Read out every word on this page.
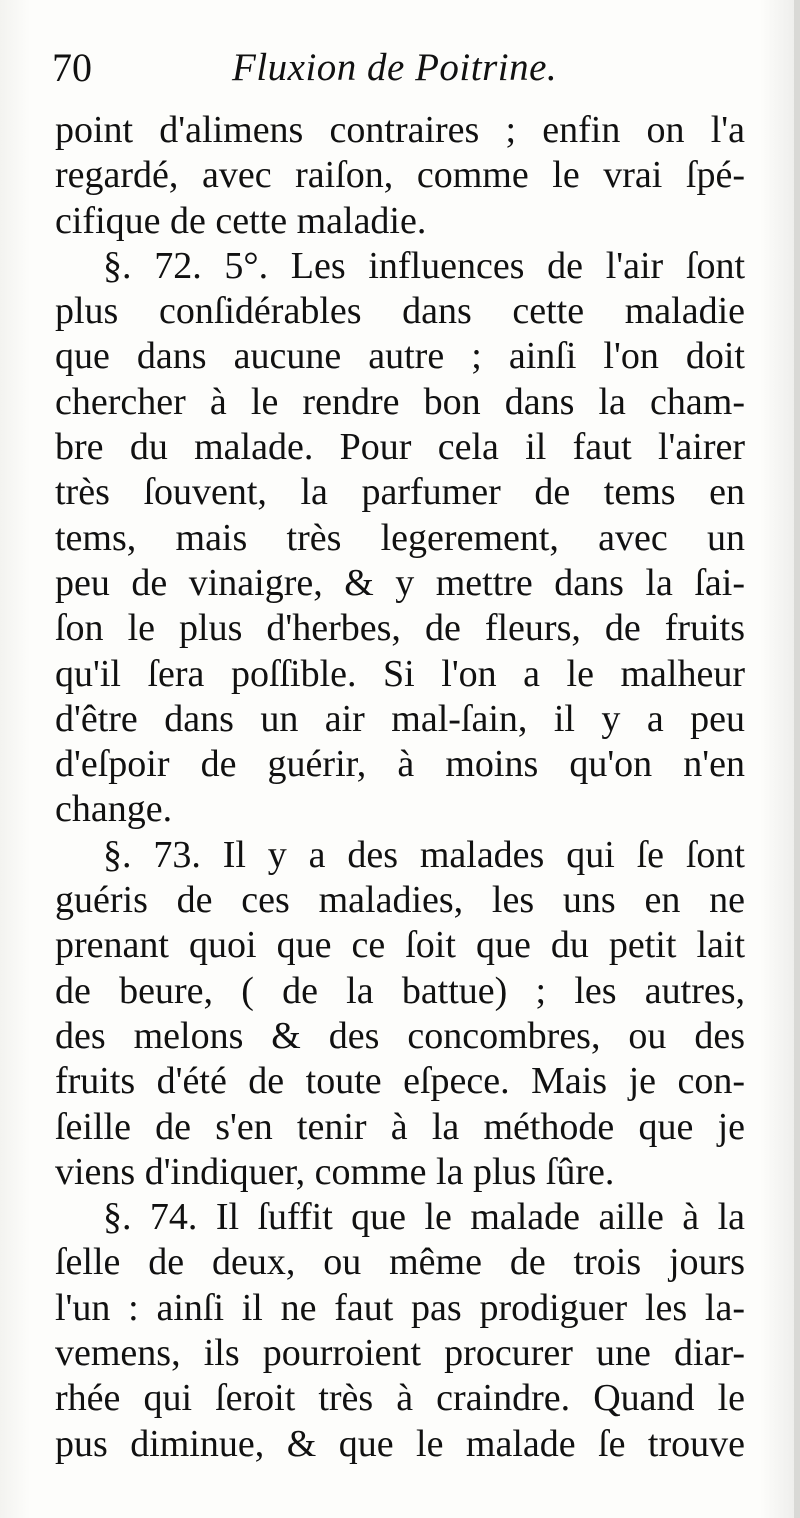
70	Fluxion de Poitrine.
point d'alimens contraires ; enfin on l'a
regardé, avec raiſon, comme le vrai ſpé-
cifique de cette maladie.
§. 72. 5°. Les influences de l'air ſont
plus conſidérables dans cette maladie
que dans aucune autre ; ainſi l'on doit
chercher à le rendre bon dans la cham-
bre du malade. Pour cela il faut l'airer
très ſouvent, la parfumer de tems en
tems, mais très legerement, avec un
peu de vinaigre, & y mettre dans la ſai-
ſon le plus d'herbes, de fleurs, de fruits
qu'il ſera poſſible. Si l'on a le malheur
d'être dans un air mal-ſain, il y a peu
d'eſpoir de guérir, à moins qu'on n'en
change.
§. 73. Il y a des malades qui ſe ſont
guéris de ces maladies, les uns en ne
prenant quoi que ce ſoit que du petit lait
de beure, ( de la battue) ; les autres,
des melons & des concombres, ou des
fruits d'été de toute eſpece. Mais je con-
ſeille de s'en tenir à la méthode que je
viens d'indiquer, comme la plus ſûre.
§. 74. Il ſuffit que le malade aille à la
ſelle de deux, ou même de trois jours
l'un : ainſi il ne faut pas prodiguer les la-
vemens, ils pourroient procurer une diar-
rhée qui ſeroit très à craindre. Quand le
pus diminue, & que le malade ſe trouve
